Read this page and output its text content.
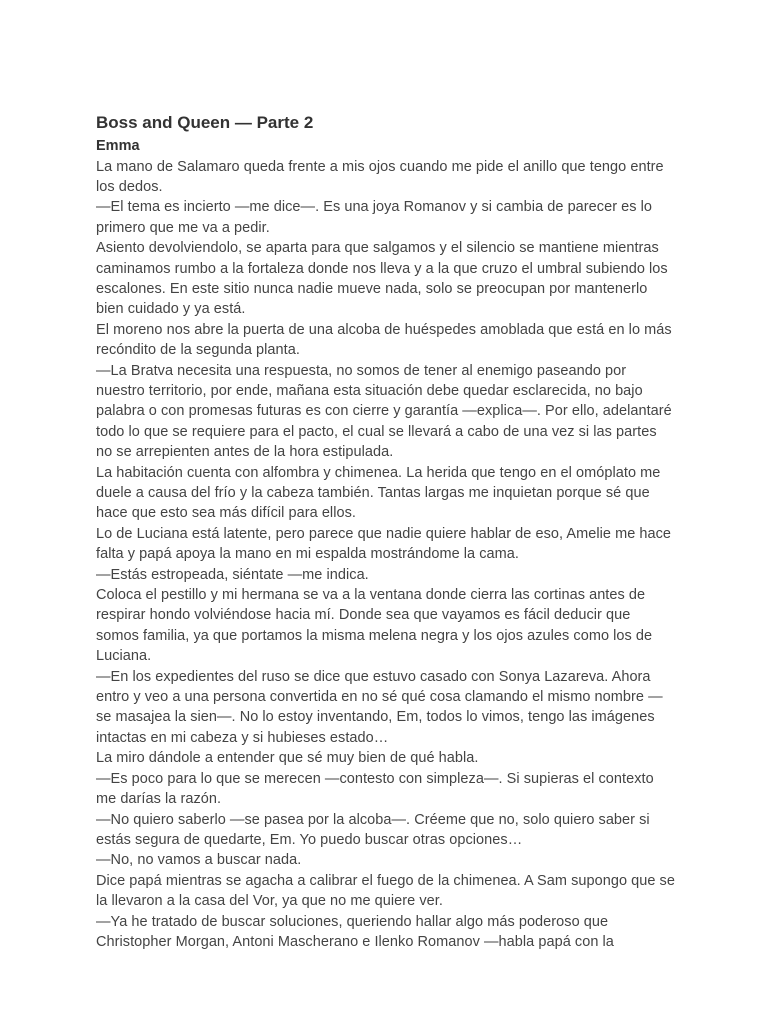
Boss and Queen — Parte 2
Emma

La mano de Salamaro queda frente a mis ojos cuando me pide el anillo que tengo entre los dedos.

—El tema es incierto —me dice—. Es una joya Romanov y si cambia de parecer es lo primero que me va a pedir.

Asiento devolviendolo, se aparta para que salgamos y el silencio se mantiene mientras caminamos rumbo a la fortaleza donde nos lleva y a la que cruzo el umbral subiendo los escalones. En este sitio nunca nadie mueve nada, solo se preocupan por mantenerlo bien cuidado y ya está.

El moreno nos abre la puerta de una alcoba de huéspedes amoblada que está en lo más recóndito de la segunda planta.

—La Bratva necesita una respuesta, no somos de tener al enemigo paseando por nuestro territorio, por ende, mañana esta situación debe quedar esclarecida, no bajo palabra o con promesas futuras es con cierre y garantía —explica—. Por ello, adelantaré todo lo que se requiere para el pacto, el cual se llevará a cabo de una vez si las partes no se arrepienten antes de la hora estipulada.

La habitación cuenta con alfombra y chimenea. La herida que tengo en el omóplato me duele a causa del frío y la cabeza también. Tantas largas me inquietan porque sé que hace que esto sea más difícil para ellos.

Lo de Luciana está latente, pero parece que nadie quiere hablar de eso, Amelie me hace falta y papá apoya la mano en mi espalda mostrándome la cama.

—Estás estropeada, siéntate —me indica.

Coloca el pestillo y mi hermana se va a la ventana donde cierra las cortinas antes de respirar hondo volviéndose hacia mí. Donde sea que vayamos es fácil deducir que somos familia, ya que portamos la misma melena negra y los ojos azules como los de Luciana.

—En los expedientes del ruso se dice que estuvo casado con Sonya Lazareva. Ahora entro y veo a una persona convertida en no sé qué cosa clamando el mismo nombre —se masajea la sien—. No lo estoy inventando, Em, todos lo vimos, tengo las imágenes intactas en mi cabeza y si hubieses estado…

La miro dándole a entender que sé muy bien de qué habla.

—Es poco para lo que se merecen —contesto con simpleza—. Si supieras el contexto me darías la razón.

—No quiero saberlo —se pasea por la alcoba—. Créeme que no, solo quiero saber si estás segura de quedarte, Em. Yo puedo buscar otras opciones…

—No, no vamos a buscar nada.

Dice papá mientras se agacha a calibrar el fuego de la chimenea. A Sam supongo que se la llevaron a la casa del Vor, ya que no me quiere ver.

—Ya he tratado de buscar soluciones, queriendo hallar algo más poderoso que Christopher Morgan, Antoni Mascherano e Ilenko Romanov —habla papá con la
